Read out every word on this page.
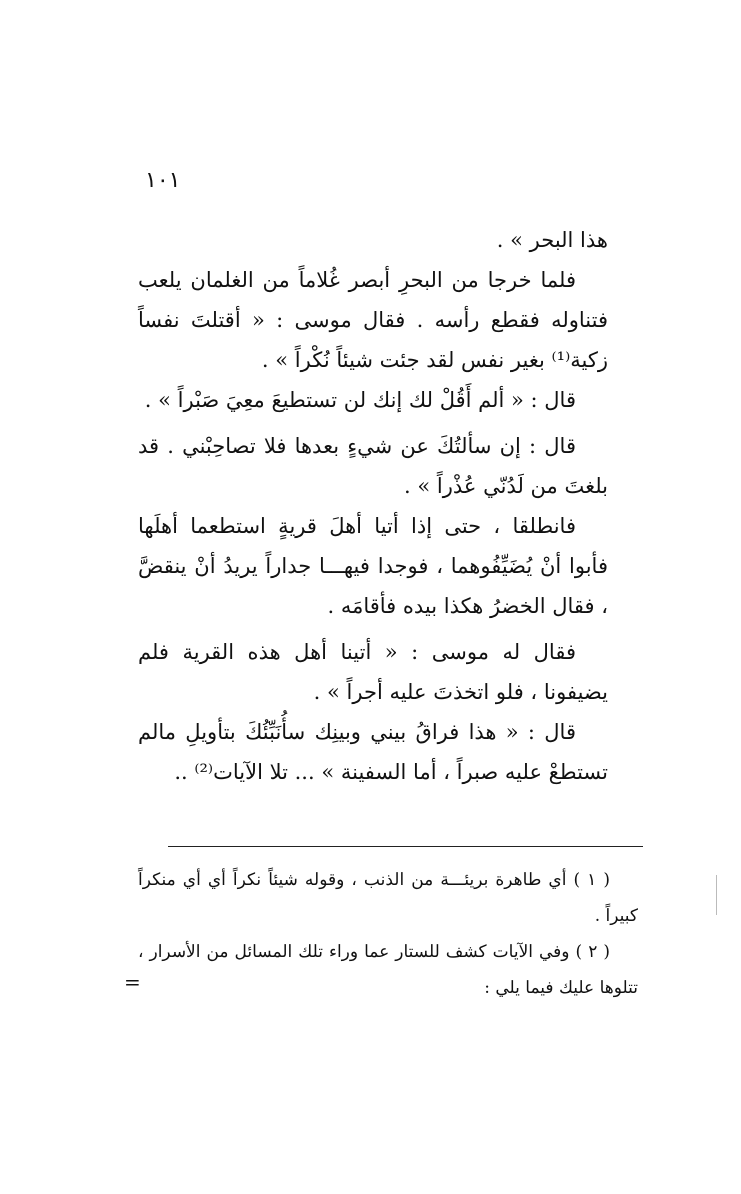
١٠١

هذا البحر » .

فلما خرجا من البحرِ أبصر غُلاماً من الغلمان يلعب فتناوله فقطع رأسه . فقال موسى : « أقتلتَ نفساً زكية⁽¹⁾ بغير نفس لقد جئت شيئاً نُكْراً » .

قال : « ألم أَقُلْ لك إنك لن تستطيعَ معِيَ صَبْراً » .

قال : إن سألتُكَ عن شيءٍ بعدها فلا تصاحِبْني . قد بلغتَ من لَدُنّي عُذْراً » .

فانطلقا ، حتى إذا أتيا أهلَ قريةٍ استطعما أهلَها فأبوا أنْ يُضَيِّفُوهما ، فوجدا فيهـــا جداراً يريدُ أنْ ينقضَّ ، فقال الخضرُ هكذا بيده فأقامَه .

فقال له موسى : « أتينا أهل هذه القرية فلم يضيفونا ، فلو اتخذتَ عليه أجراً » .

قال : « هذا فراقُ بيني وبينِك سأُنَبِّئُكَ بتأويلِ مالم تستطعْ عليه صبراً ، أما السفينة » ... تلا الآيات⁽²⁾ ..

( ١ ) أي طاهرة بريئـــة من الذنب ، وقوله شيئاً نكراً أي أي منكراً كبيراً .

( ٢ ) وفي الآيات كشف للستار عما وراء تلك المسائل من الأسرار ، تتلوها عليك فيما يلي :

=
